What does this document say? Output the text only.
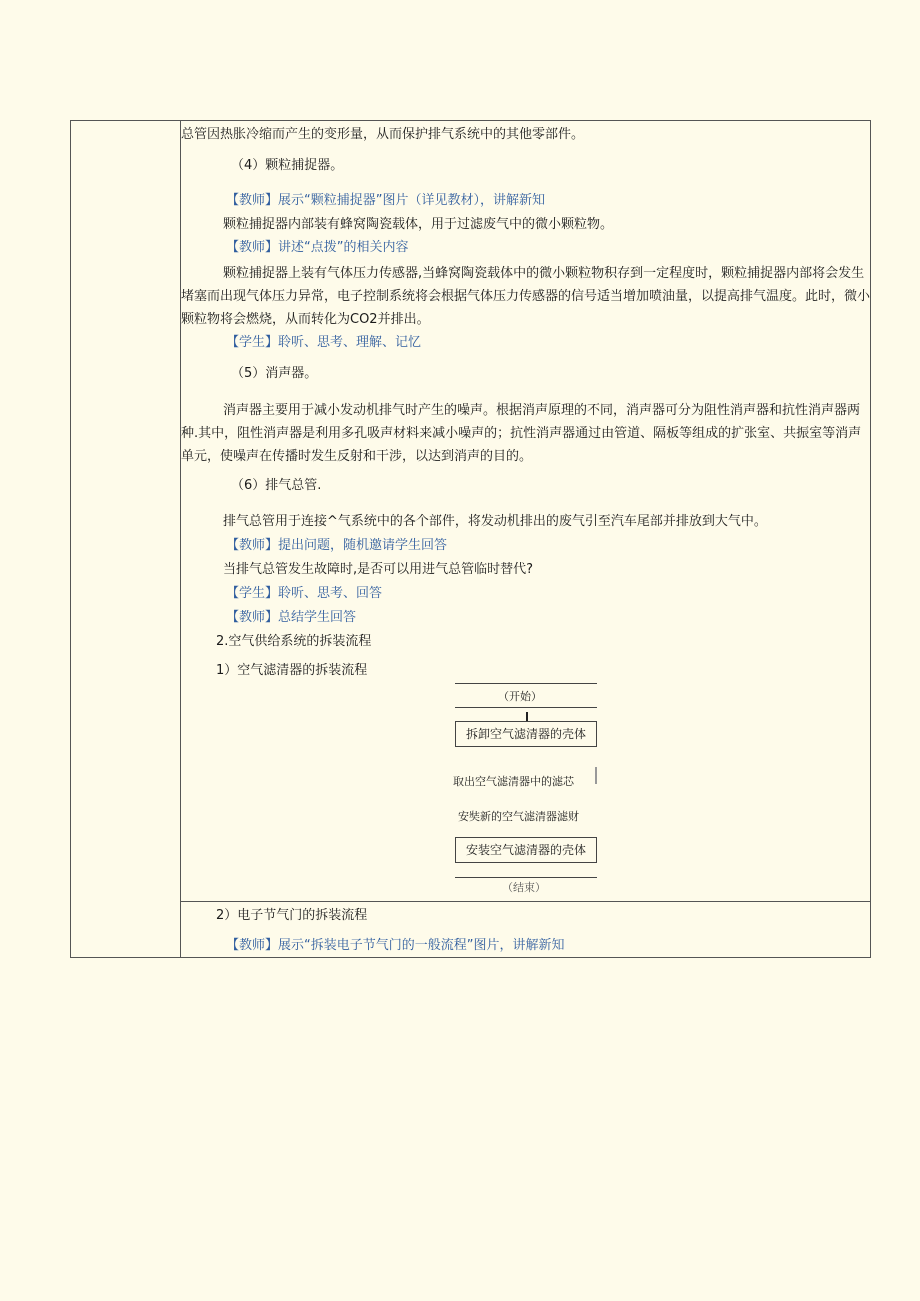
总管因热胀冷缩而产生的变形量，从而保护排气系统中的其他零部件。
（4）颗粒捕捉器。
【教师】展示“颗粒捕捉器”图片（详见教材），讲解新知
颗粒捕捉器内部装有蜂窝陶瓷载体，用于过滤废气中的微小颗粒物。
【教师】讲述“点拨”的相关内容
颗粒捕捉器上装有气体压力传感器,当蜂窝陶瓷载体中的微小颗粒物积存到一定程度时，颗粒捕捉器内部将会发生堵塞而出现气体压力异常，电子控制系统将会根据气体压力传感器的信号适当增加喷油量，以提高排气温度。此时，微小颗粒物将会燃烧，从而转化为CO2并排出。
【学生】聆听、思考、理解、记忆
（5）消声器。
消声器主要用于减小发动机排气时产生的噪声。根据消声原理的不同，消声器可分为阻性消声器和抗性消声器两种.其中，阻性消声器是利用多孔吸声材料来减小噪声的；抗性消声器通过由管道、隔板等组成的扩张室、共振室等消声单元，使噪声在传播时发生反射和干涉，以达到消声的目的。
（6）排气总管.
排气总管用于连接^气系统中的各个部件，将发动机排出的废气引至汽车尾部并排放到大气中。
【教师】提出问题，随机邀请学生回答
当排气总管发生故障时,是否可以用进气总管临时替代?
【学生】聆听、思考、回答
【教师】总结学生回答
2.空气供给系统的拆装流程
1）空气滤清器的拆装流程
（开始）
拆卸空气滤清器的壳体
取出空气滤清器中的滤芯
安奘新的空气滤清器滤财
安装空气滤清器的壳体
（结束）
2）电子节气门的拆装流程
【教师】展示“拆装电子节气门的一般流程”图片，讲解新知
